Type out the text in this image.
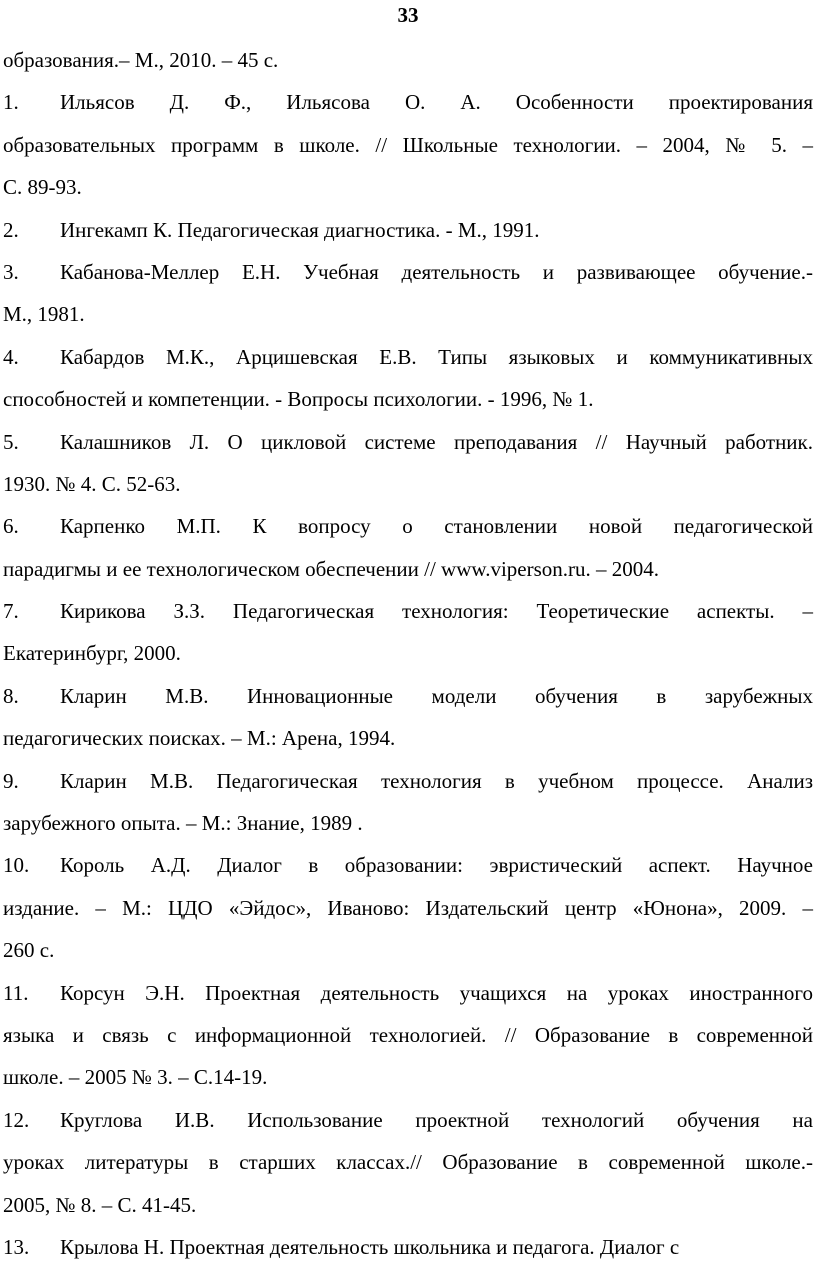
33
образования.– М., 2010. – 45 с.
1. Ильясов Д. Ф., Ильясова О. А. Особенности проектирования
образовательных программ в школе. // Школьные технологии. – 2004, № 5. –
С. 89-93.
2. Ингекамп К. Педагогическая диагностика. - М., 1991.
3. Кабанова-Меллер Е.Н. Учебная деятельность и развивающее обучение.-
М., 1981.
4. Кабардов М.К., Арцишевская Е.В. Типы языковых и коммуникативных
способностей и компетенции. - Вопросы психологии. - 1996, № 1.
5. Калашников Л. О цикловой системе преподавания // Научный работник.
1930. № 4. С. 52-63.
6. Карпенко М.П. К вопросу о становлении новой педагогической
парадигмы и ее технологическом обеспечении // www.viperson.ru. – 2004.
7. Кирикова З.З. Педагогическая технология: Теоретические аспекты. –
Екатеринбург, 2000.
8. Кларин М.В. Инновационные модели обучения в зарубежных
педагогических поисках. – М.: Арена, 1994.
9. Кларин М.В. Педагогическая технология в учебном процессе. Анализ
зарубежного опыта. – М.: Знание, 1989 .
10. Король А.Д. Диалог в образовании: эвристический аспект. Научное
издание. – М.: ЦДО «Эйдос», Иваново: Издательский центр «Юнона», 2009. –
260 с.
11. Корсун Э.Н. Проектная деятельность учащихся на уроках иностранного
языка и связь с информационной технологией. // Образование в современной
школе. – 2005 № 3. – С.14-19.
12. Круглова И.В. Использование проектной технологий обучения на
уроках литературы в старших классах.// Образование в современной школе.-
2005, № 8. – С. 41-45.
13. Крылова Н. Проектная деятельность школьника и педагога. Диалог с
